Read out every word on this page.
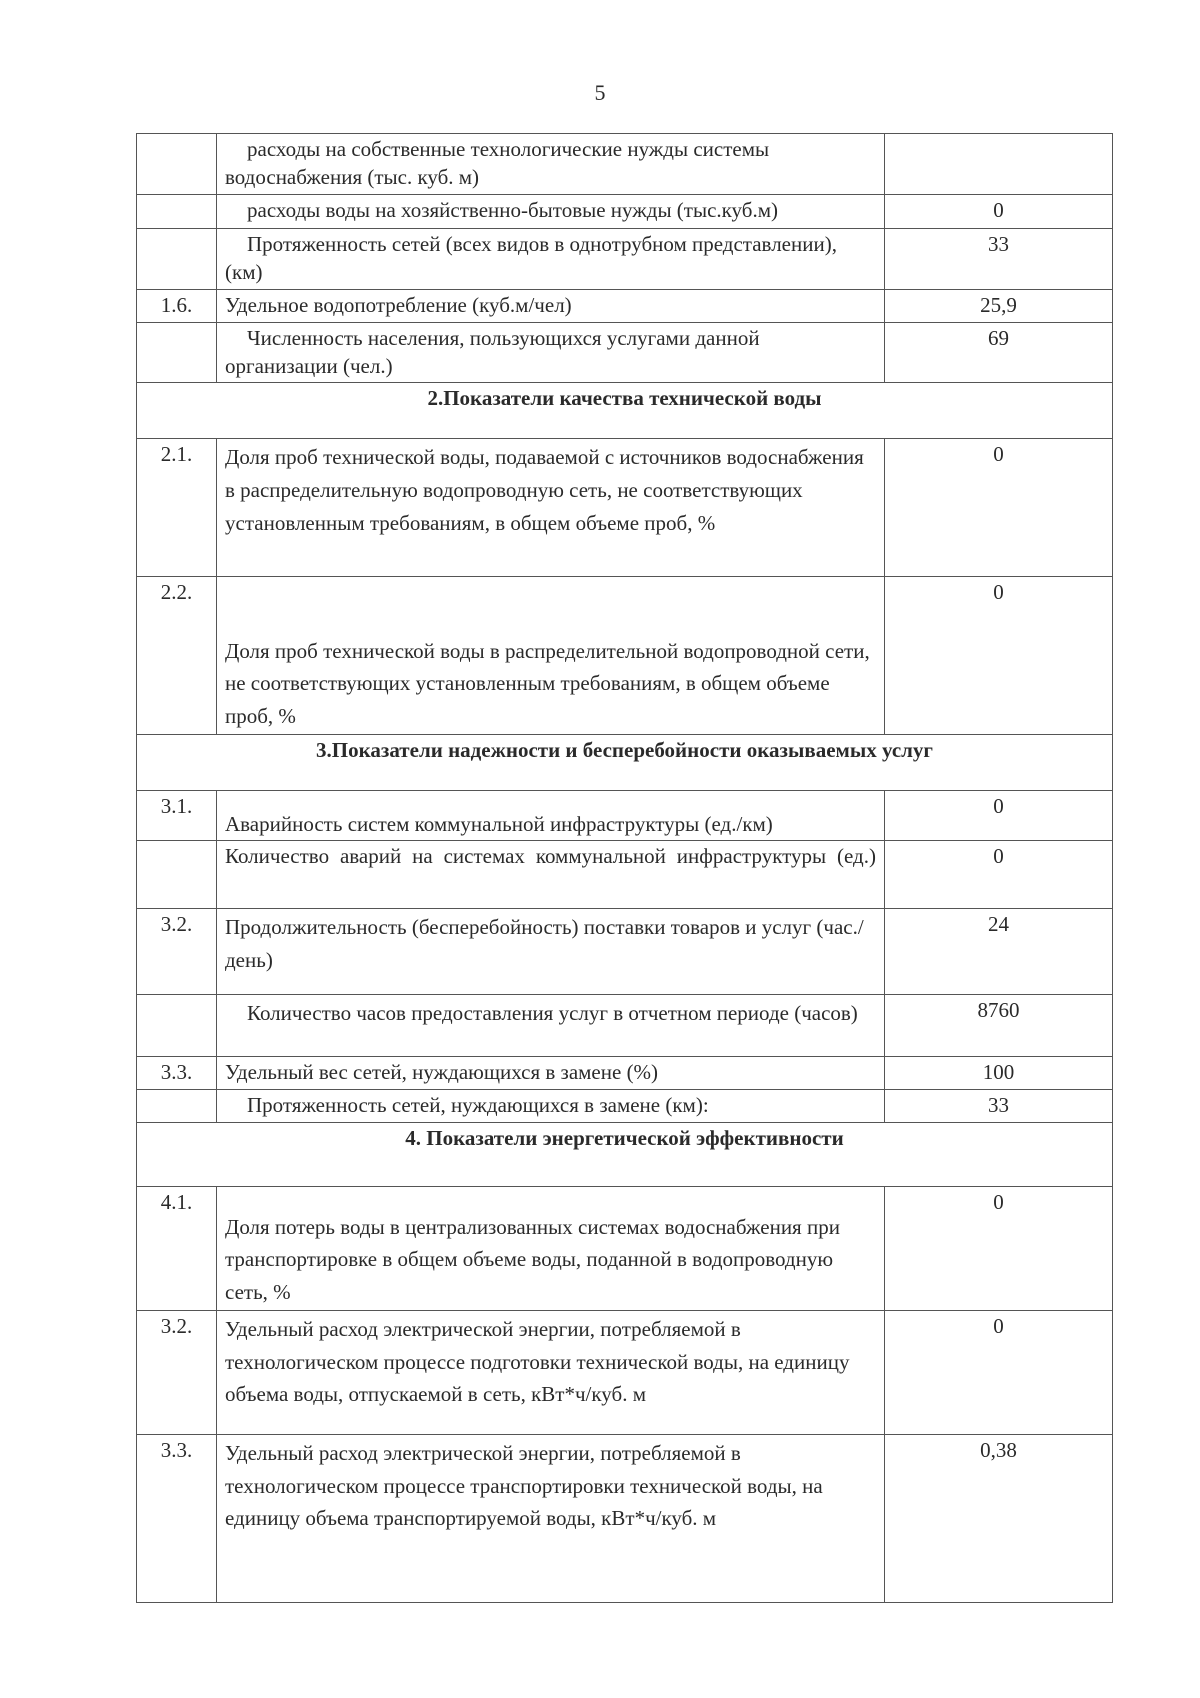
5
	расходы на собственные технологические нужды системы водоснабжения (тыс. куб. м)	
	расходы воды на хозяйственно-бытовые нужды (тыс.куб.м)	0
	Протяженность сетей (всех видов в однотрубном представлении), (км)	33
1.6.	Удельное водопотребление (куб.м/чел)	25,9
	Численность населения, пользующихся услугами данной организации (чел.)	69
2.Показатели качества технической воды		
2.1.	Доля проб технической воды, подаваемой с источников водоснабжения в распределительную водопроводную сеть, не соответствующих установленным требованиям, в общем объеме проб, %	0
2.2.	Доля проб технической воды в распределительной водопроводной сети, не соответствующих установленным требованиям, в общем объеме проб, %	0
3.Показатели надежности и бесперебойности оказываемых услуг		
3.1.	Аварийность систем коммунальной инфраструктуры (ед./км)	0
	Количество аварий на системах коммунальной инфраструктуры (ед.)	0
3.2.	Продолжительность (бесперебойность) поставки товаров и услуг (час./день)	24
	Количество часов предоставления услуг в отчетном периоде (часов)	8760
3.3.	Удельный вес сетей, нуждающихся в замене (%)	100
	Протяженность сетей, нуждающихся в замене (км):	33
4. Показатели энергетической эффективности		
4.1.	Доля потерь воды в централизованных системах водоснабжения при транспортировке в общем объеме воды, поданной в водопроводную сеть, %	0
3.2.	Удельный расход электрической энергии, потребляемой в технологическом процессе подготовки технической воды, на единицу объема воды, отпускаемой в сеть, кВт*ч/куб. м	0
3.3.	Удельный расход электрической энергии, потребляемой в технологическом процессе транспортировки технической воды, на единицу объема транспортируемой воды, кВт*ч/куб. м	0,38
